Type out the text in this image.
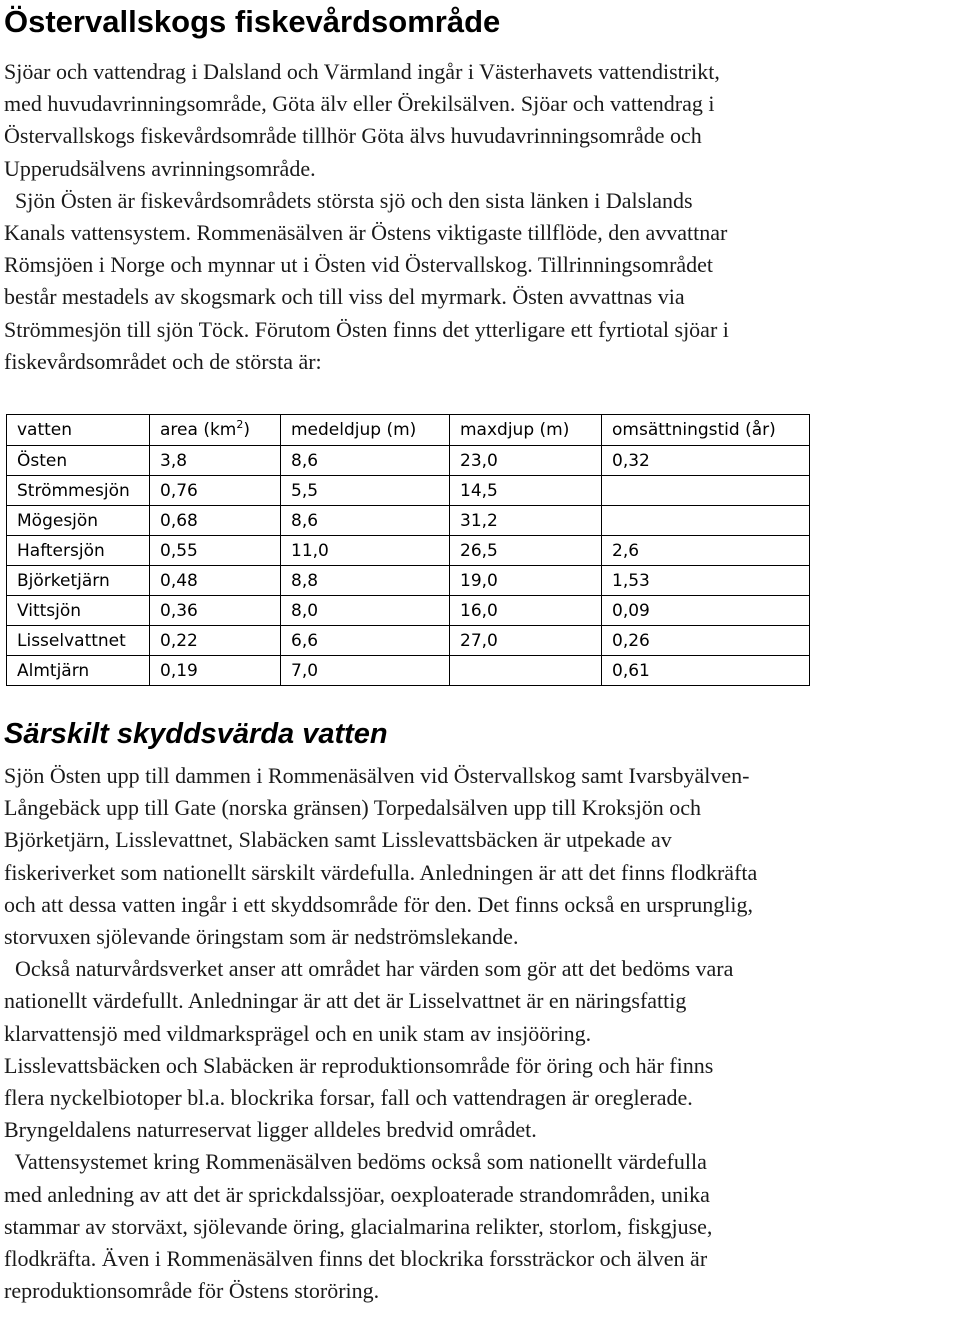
Östervallskogs fiskevårdsområde
Sjöar och vattendrag i Dalsland och Värmland ingår i Västerhavets vattendistrikt,
med huvudavrinningsområde, Göta älv eller Örekilsälven. Sjöar och vattendrag i
Östervallskogs fiskevårdsområde tillhör Göta älvs huvudavrinningsområde och
Upperudsälvens avrinningsområde.
Sjön Östen är fiskevårdsområdets största sjö och den sista länken i Dalslands
Kanals vattensystem. Rommenäsälven är Östens viktigaste tillflöde, den avvattnar
Römsjöen i Norge och mynnar ut i Östen vid Östervallskog. Tillrinningsområdet
består mestadels av skogsmark och till viss del myrmark. Östen avvattnas via
Strömmesjön till sjön Töck. Förutom Östen finns det ytterligare ett fyrtiotal sjöar i
fiskevårdsområdet och de största är:
vatten	area $(km^2)$	medeldjup (m)	maxdjup (m)	omsättningstid (år)
Östen	3,8	8,6	23,0	0,32
Strömmesjön	0,76	5,5	14,5	
Mögesjön	0,68	8,6	31,2	
Haftersjön	0,55	11,0	26,5	2,6
Björketjärn	0,48	8,8	19,0	1,53
Vittsjön	0,36	8,0	16,0	0,09
Lisselvattnet	0,22	6,6	27,0	0,26
Almtjärn	0,19	7,0		0,61
Särskilt skyddsvärda vatten
Sjön Östen upp till dammen i Rommenäsälven vid Östervallskog samt Ivarsbyälven-
Långebäck upp till Gate (norska gränsen) Torpedalsälven upp till Kroksjön och
Björketjärn, Lisslevattnet, Slabäcken samt Lisslevattsbäcken är utpekade av
fiskeriverket som nationellt särskilt värdefulla. Anledningen är att det finns flodkräfta
och att dessa vatten ingår i ett skyddsområde för den. Det finns också en ursprunglig,
storvuxen sjölevande öringstam som är nedströmslekande.
Också naturvårdsverket anser att området har värden som gör att det bedöms vara
nationellt värdefullt. Anledningar är att det är Lisselvattnet är en näringsfattig
klarvattensjö med vildmarksprägel och en unik stam av insjööring.
Lisslevattsbäcken och Slabäcken är reproduktionsområde för öring och här finns
flera nyckelbiotoper bl.a. blockrika forsar, fall och vattendragen är oreglerade.
Bryngeldalens naturreservat ligger alldeles bredvid området.
Vattensystemet kring Rommenäsälven bedöms också som nationellt värdefulla
med anledning av att det är sprickdalssjöar, oexploaterade strandområden, unika
stammar av storväxt, sjölevande öring, glacialmarina relikter, storlom, fiskgjuse,
flodkräfta. Även i Rommenäsälven finns det blockrika forssträckor och älven är
reproduktionsområde för Östens storöring.
